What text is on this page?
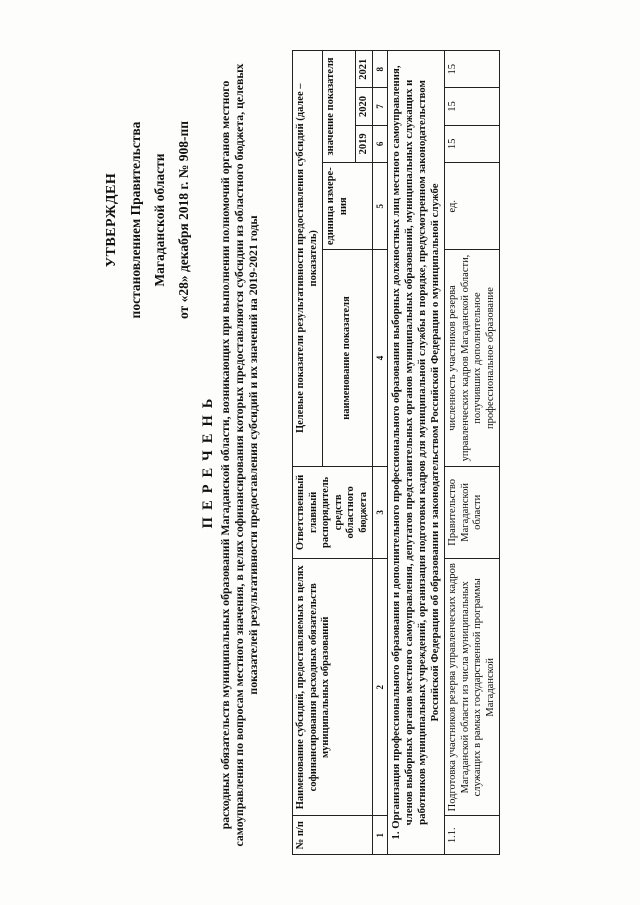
УТВЕРЖДЕН постановлением Правительства Магаданской области от «28» декабря 2018 г. № 908-пп
ПЕРЕЧЕНЬ расходных обязательств муниципальных образований Магаданской области, возникающих при выполнении полномочий органов местного самоуправления по вопросам местного значения, в целях софинансирования которых предоставляются субсидии из областного бюджета, целевых показателей результативности предоставления субсидий и их значений на 2019-2021 годы
№ п/п	Наименование субсидий, предоставляемых в целях софинансирования расходных обязательств муниципальных образований	Ответственный главный распорядитель средств областного бюджета	Целевые показатели результативности предоставления субсидий (далее – показатель)				
			наименование показателя	единица измере-ния	значение показателя		
					2019	2020	2021
1	2	3	4	5	6	7	8
1. Организация профессионального образования и дополнительного профессионального образования выборных должностных лиц местного самоуправления, членов выборных органов местного самоуправления, депутатов представительных органов муниципальных образований, муниципальных служащих и работников муниципальных учреждений, организация подготовки кадров для муниципальной службы в порядке, предусмотренном законодательством Российской Федерации об образовании и законодательством Российской Федерации о муниципальной службе							
1.1.	Подготовка участников резерва управленческих кадров Магаданской области из числа муниципальных служащих в рамках государственной программы Магаданской	Правительство Магаданской области	численность участников резерва управленческих кадров Магаданской области, получивших дополнительное профессиональное образование	ед.	15	15	15
